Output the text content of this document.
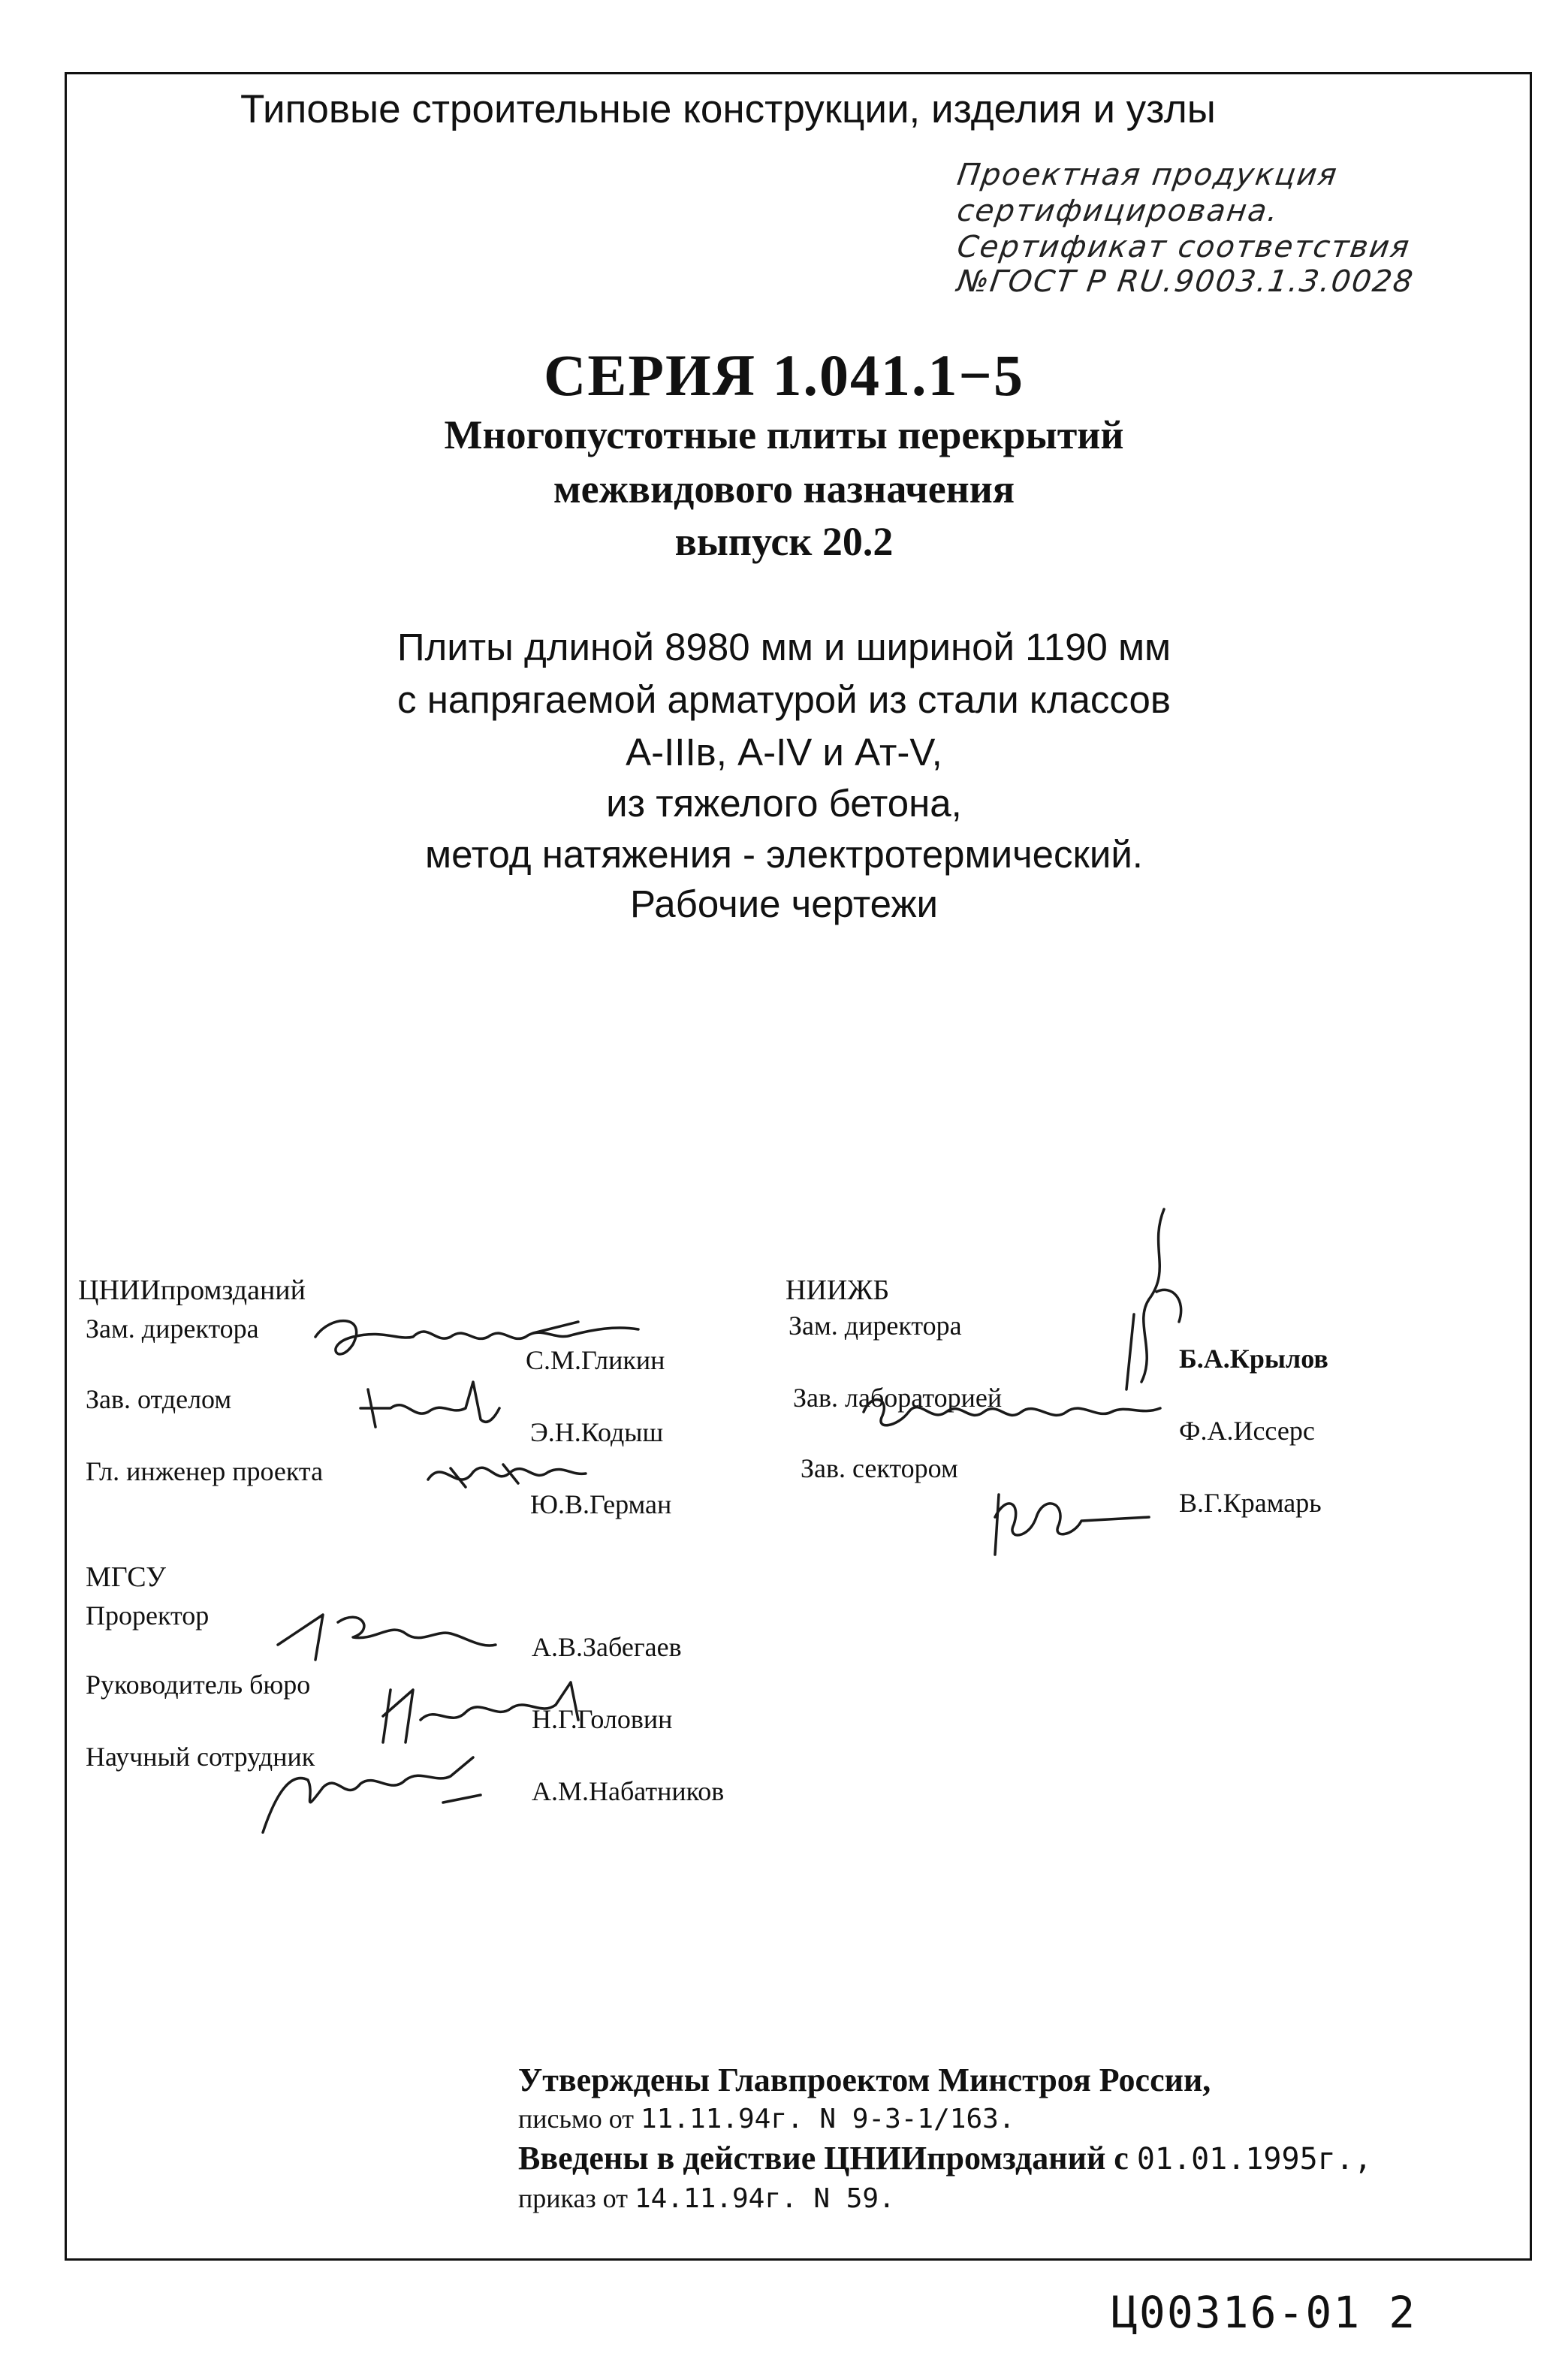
Типовые строительные конструкции, изделия и узлы
Проектная продукция
сертифицирована.
Сертификат соответствия
№ГОСТ Р RU.9003.1.3.0028
СЕРИЯ 1.041.1−5
Многопустотные плиты перекрытий
межвидового назначения
выпуск 20.2
Плиты длиной 8980 мм и шириной 1190 мм
с напрягаемой арматурой из стали классов
А-IIIв, А-IV и Ат-V,
из тяжелого бетона,
метод натяжения - электротермический.
Рабочие чертежи
ЦНИИпромзданий
Зам. директора
С.М.Гликин
Зав. отделом
Э.Н.Кодыш
Гл. инженер проекта
Ю.В.Герман
МГСУ
Проректор
А.В.Забегаев
Руководитель бюро
Н.Г.Головин
Научный сотрудник
А.М.Набатников
НИИЖБ
Зам. директора
Б.А.Крылов
Зав. лабораторией
Ф.А.Иссерс
Зав. сектором
В.Г.Крамарь
Утверждены Главпроектом Минстроя России,
письмо от 11.11.94г. N 9-3-1/163.
Введены в действие ЦНИИпромзданий с 01.01.1995г.,
приказ от 14.11.94г. N 59.
Ц00316-01 2
